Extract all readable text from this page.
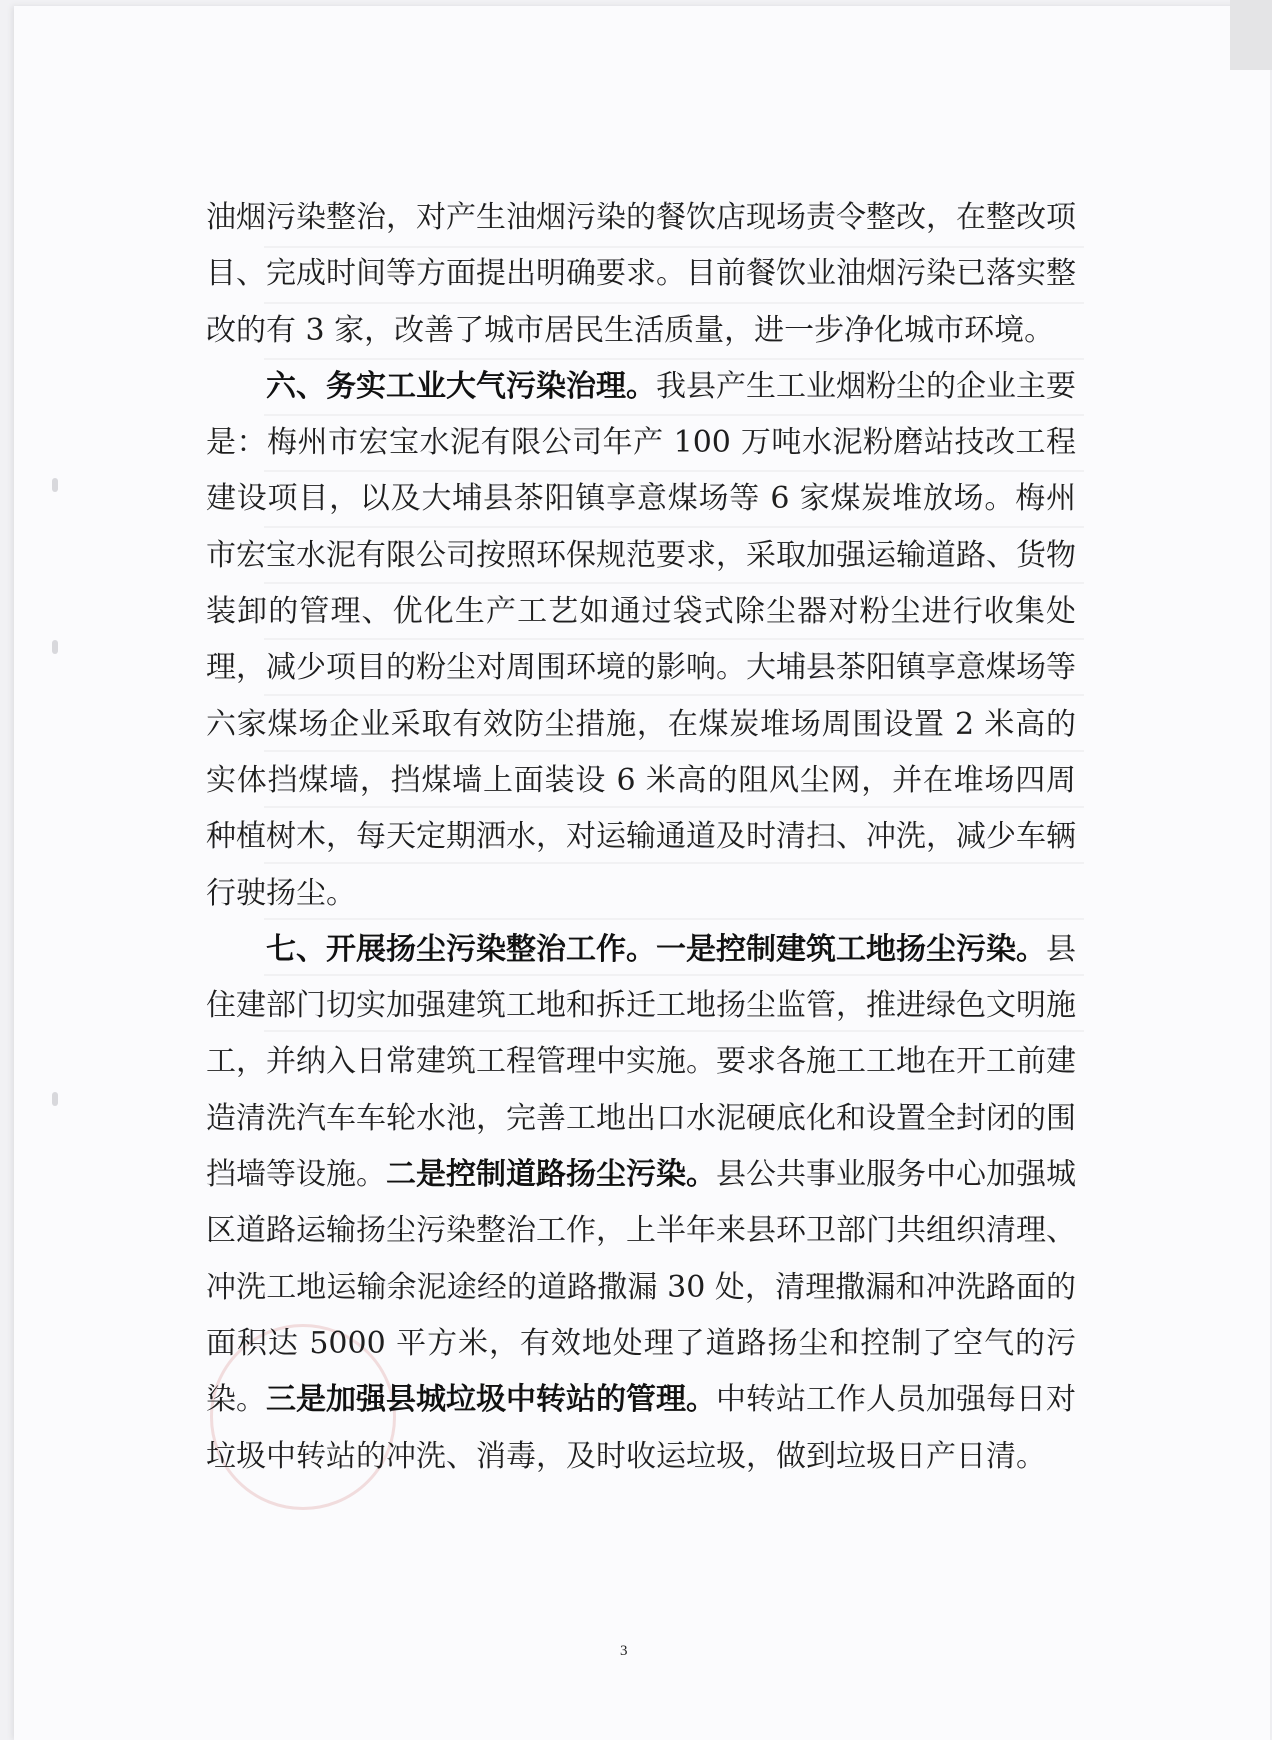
油烟污染整治，对产生油烟污染的餐饮店现场责令整改，在整改项目、完成时间等方面提出明确要求。目前餐饮业油烟污染已落实整改的有 3 家，改善了城市居民生活质量，进一步净化城市环境。

六、务实工业大气污染治理。我县产生工业烟粉尘的企业主要是：梅州市宏宝水泥有限公司年产 100 万吨水泥粉磨站技改工程建设项目，以及大埔县茶阳镇享意煤场等 6 家煤炭堆放场。梅州市宏宝水泥有限公司按照环保规范要求，采取加强运输道路、货物装卸的管理、优化生产工艺如通过袋式除尘器对粉尘进行收集处理，减少项目的粉尘对周围环境的影响。大埔县茶阳镇享意煤场等六家煤场企业采取有效防尘措施，在煤炭堆场周围设置 2 米高的实体挡煤墙，挡煤墙上面装设 6 米高的阻风尘网，并在堆场四周种植树木，每天定期洒水，对运输通道及时清扫、冲洗，减少车辆行驶扬尘。

七、开展扬尘污染整治工作。一是控制建筑工地扬尘污染。县住建部门切实加强建筑工地和拆迁工地扬尘监管，推进绿色文明施工，并纳入日常建筑工程管理中实施。要求各施工工地在开工前建造清洗汽车车轮水池，完善工地出口水泥硬底化和设置全封闭的围挡墙等设施。二是控制道路扬尘污染。县公共事业服务中心加强城区道路运输扬尘污染整治工作，上半年来县环卫部门共组织清理、冲洗工地运输余泥途经的道路撒漏 30 处，清理撒漏和冲洗路面的面积达 5000 平方米，有效地处理了道路扬尘和控制了空气的污染。三是加强县城垃圾中转站的管理。中转站工作人员加强每日对垃圾中转站的冲洗、消毒，及时收运垃圾，做到垃圾日产日清。

3
